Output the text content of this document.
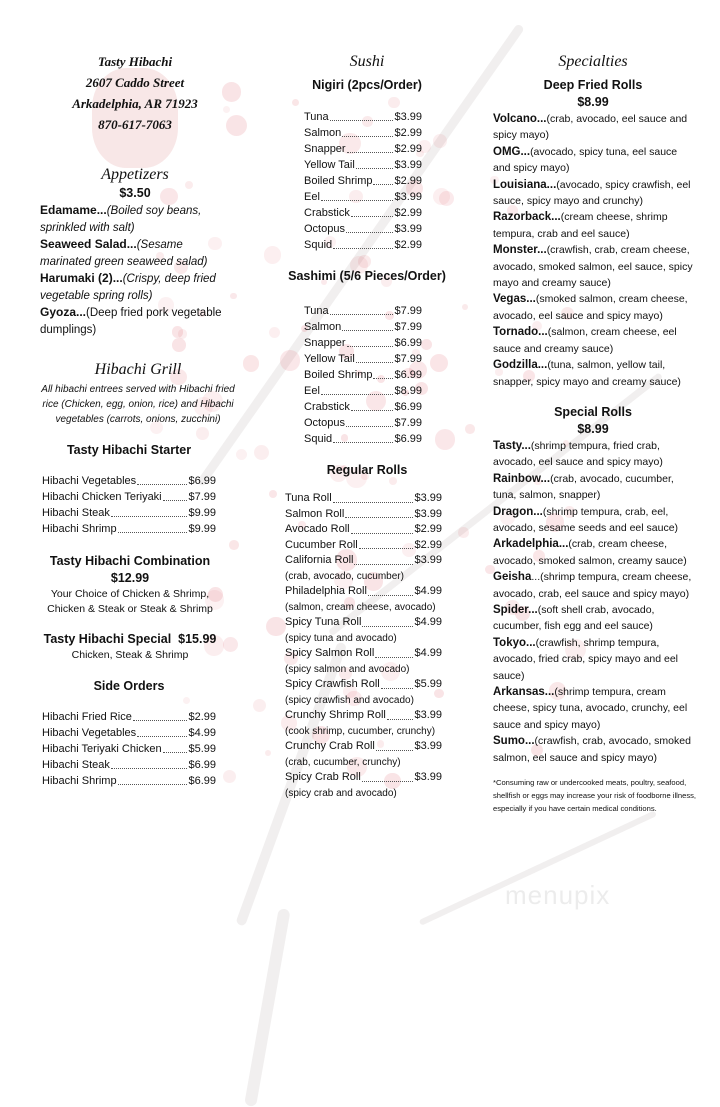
Tasty Hibachi
2607 Caddo Street
Arkadelphia, AR 71923
870-617-7063
Appetizers
$3.50
Edamame...(Boiled soy beans, sprinkled with salt)
Seaweed Salad...(Sesame marinated green seaweed salad)
Harumaki (2)...(Crispy, deep fried vegetable spring rolls)
Gyoza...(Deep fried pork vegetable dumplings)
Hibachi Grill
All hibachi entrees served with Hibachi fried rice (Chicken, egg, onion, rice) and Hibachi vegetables (carrots, onions, zucchini)
Tasty Hibachi Starter
Hibachi Vegetables	$6.99
Hibachi Chicken Teriyaki $7.99
Hibachi Steak	$9.99
Hibachi Shrimp	$9.99
Tasty Hibachi Combination
$12.99
Your Choice of Chicken & Shrimp, Chicken & Steak or Steak & Shrimp
Tasty Hibachi Special  $15.99
Chicken, Steak & Shrimp
Side Orders
Hibachi Fried Rice	$2.99
Hibachi Vegetables	$4.99
Hibachi Teriyaki Chicken $5.99
Hibachi Steak	$6.99
Hibachi Shrimp	$6.99
Sushi
Nigiri (2pcs/Order)
Tuna	$3.99
Salmon	$2.99
Snapper	$2.99
Yellow Tail	$3.99
Boiled Shrimp $2.99
Eel	$3.99
Crabstick	$2.99
Octopus	$3.99
Squid	$2.99
Sashimi (5/6 Pieces/Order)
Tuna	$7.99
Salmon	$7.99
Snapper	$6.99
Yellow Tail	$7.99
Boiled Shrimp $6.99
Eel	$8.99
Crabstick	$6.99
Octopus	$7.99
Squid	$6.99
Regular Rolls
Tuna Roll	$3.99
Salmon Roll	$3.99
Avocado Roll	$2.99
Cucumber Roll	$2.99
California Roll	$3.99
(crab, avocado, cucumber)
Philadelphia Roll	$4.99
(salmon, cream cheese, avocado)
Spicy Tuna Roll	$4.99
(spicy tuna and avocado)
Spicy Salmon Roll	$4.99
(spicy salmon and avocado)
Spicy Crawfish Roll	$5.99
(spicy crawfish and avocado)
Crunchy Shrimp Roll	$3.99
(cook shrimp, cucumber, crunchy)
Crunchy Crab Roll	$3.99
(crab, cucumber, crunchy)
Spicy Crab Roll	$3.99
(spicy crab and avocado)
Specialties
Deep Fried Rolls
$8.99
Volcano...(crab, avocado, eel sauce and spicy mayo)
OMG...(avocado, spicy tuna, eel sauce and spicy mayo)
Louisiana...(avocado, spicy crawfish, eel sauce, spicy mayo and crunchy)
Razorback...(cream cheese, shrimp tempura, crab and eel sauce)
Monster...(crawfish, crab, cream cheese, avocado, smoked salmon, eel sauce, spicy mayo and creamy sauce)
Vegas...(smoked salmon, cream cheese, avocado, eel sauce and spicy mayo)
Tornado...(salmon, cream cheese, eel sauce and creamy sauce)
Godzilla...(tuna, salmon, yellow tail, snapper, spicy mayo and creamy sauce)
Special Rolls
$8.99
Tasty...(shrimp tempura, fried crab, avocado, eel sauce and spicy mayo)
Rainbow...(crab, avocado, cucumber, tuna, salmon, snapper)
Dragon...(shrimp tempura, crab, eel, avocado, sesame seeds and eel sauce)
Arkadelphia...(crab, cream cheese, avocado, smoked salmon, creamy sauce)
Geisha...(shrimp tempura, cream cheese, avocado, crab, eel sauce and spicy mayo)
Spider...(soft shell crab, avocado, cucumber, fish egg and eel sauce)
Tokyo...(crawfish, shrimp tempura, avocado, fried crab, spicy mayo and eel sauce)
Arkansas...(shrimp tempura, cream cheese, spicy tuna, avocado, crunchy, eel sauce and spicy mayo)
Sumo...(crawfish, crab, avocado, smoked salmon, eel sauce and spicy mayo)
*Consuming raw or undercooked meats, poultry, seafood, shellfish or eggs may increase your risk of foodborne illness, especially if you have certain medical conditions.
menupix
